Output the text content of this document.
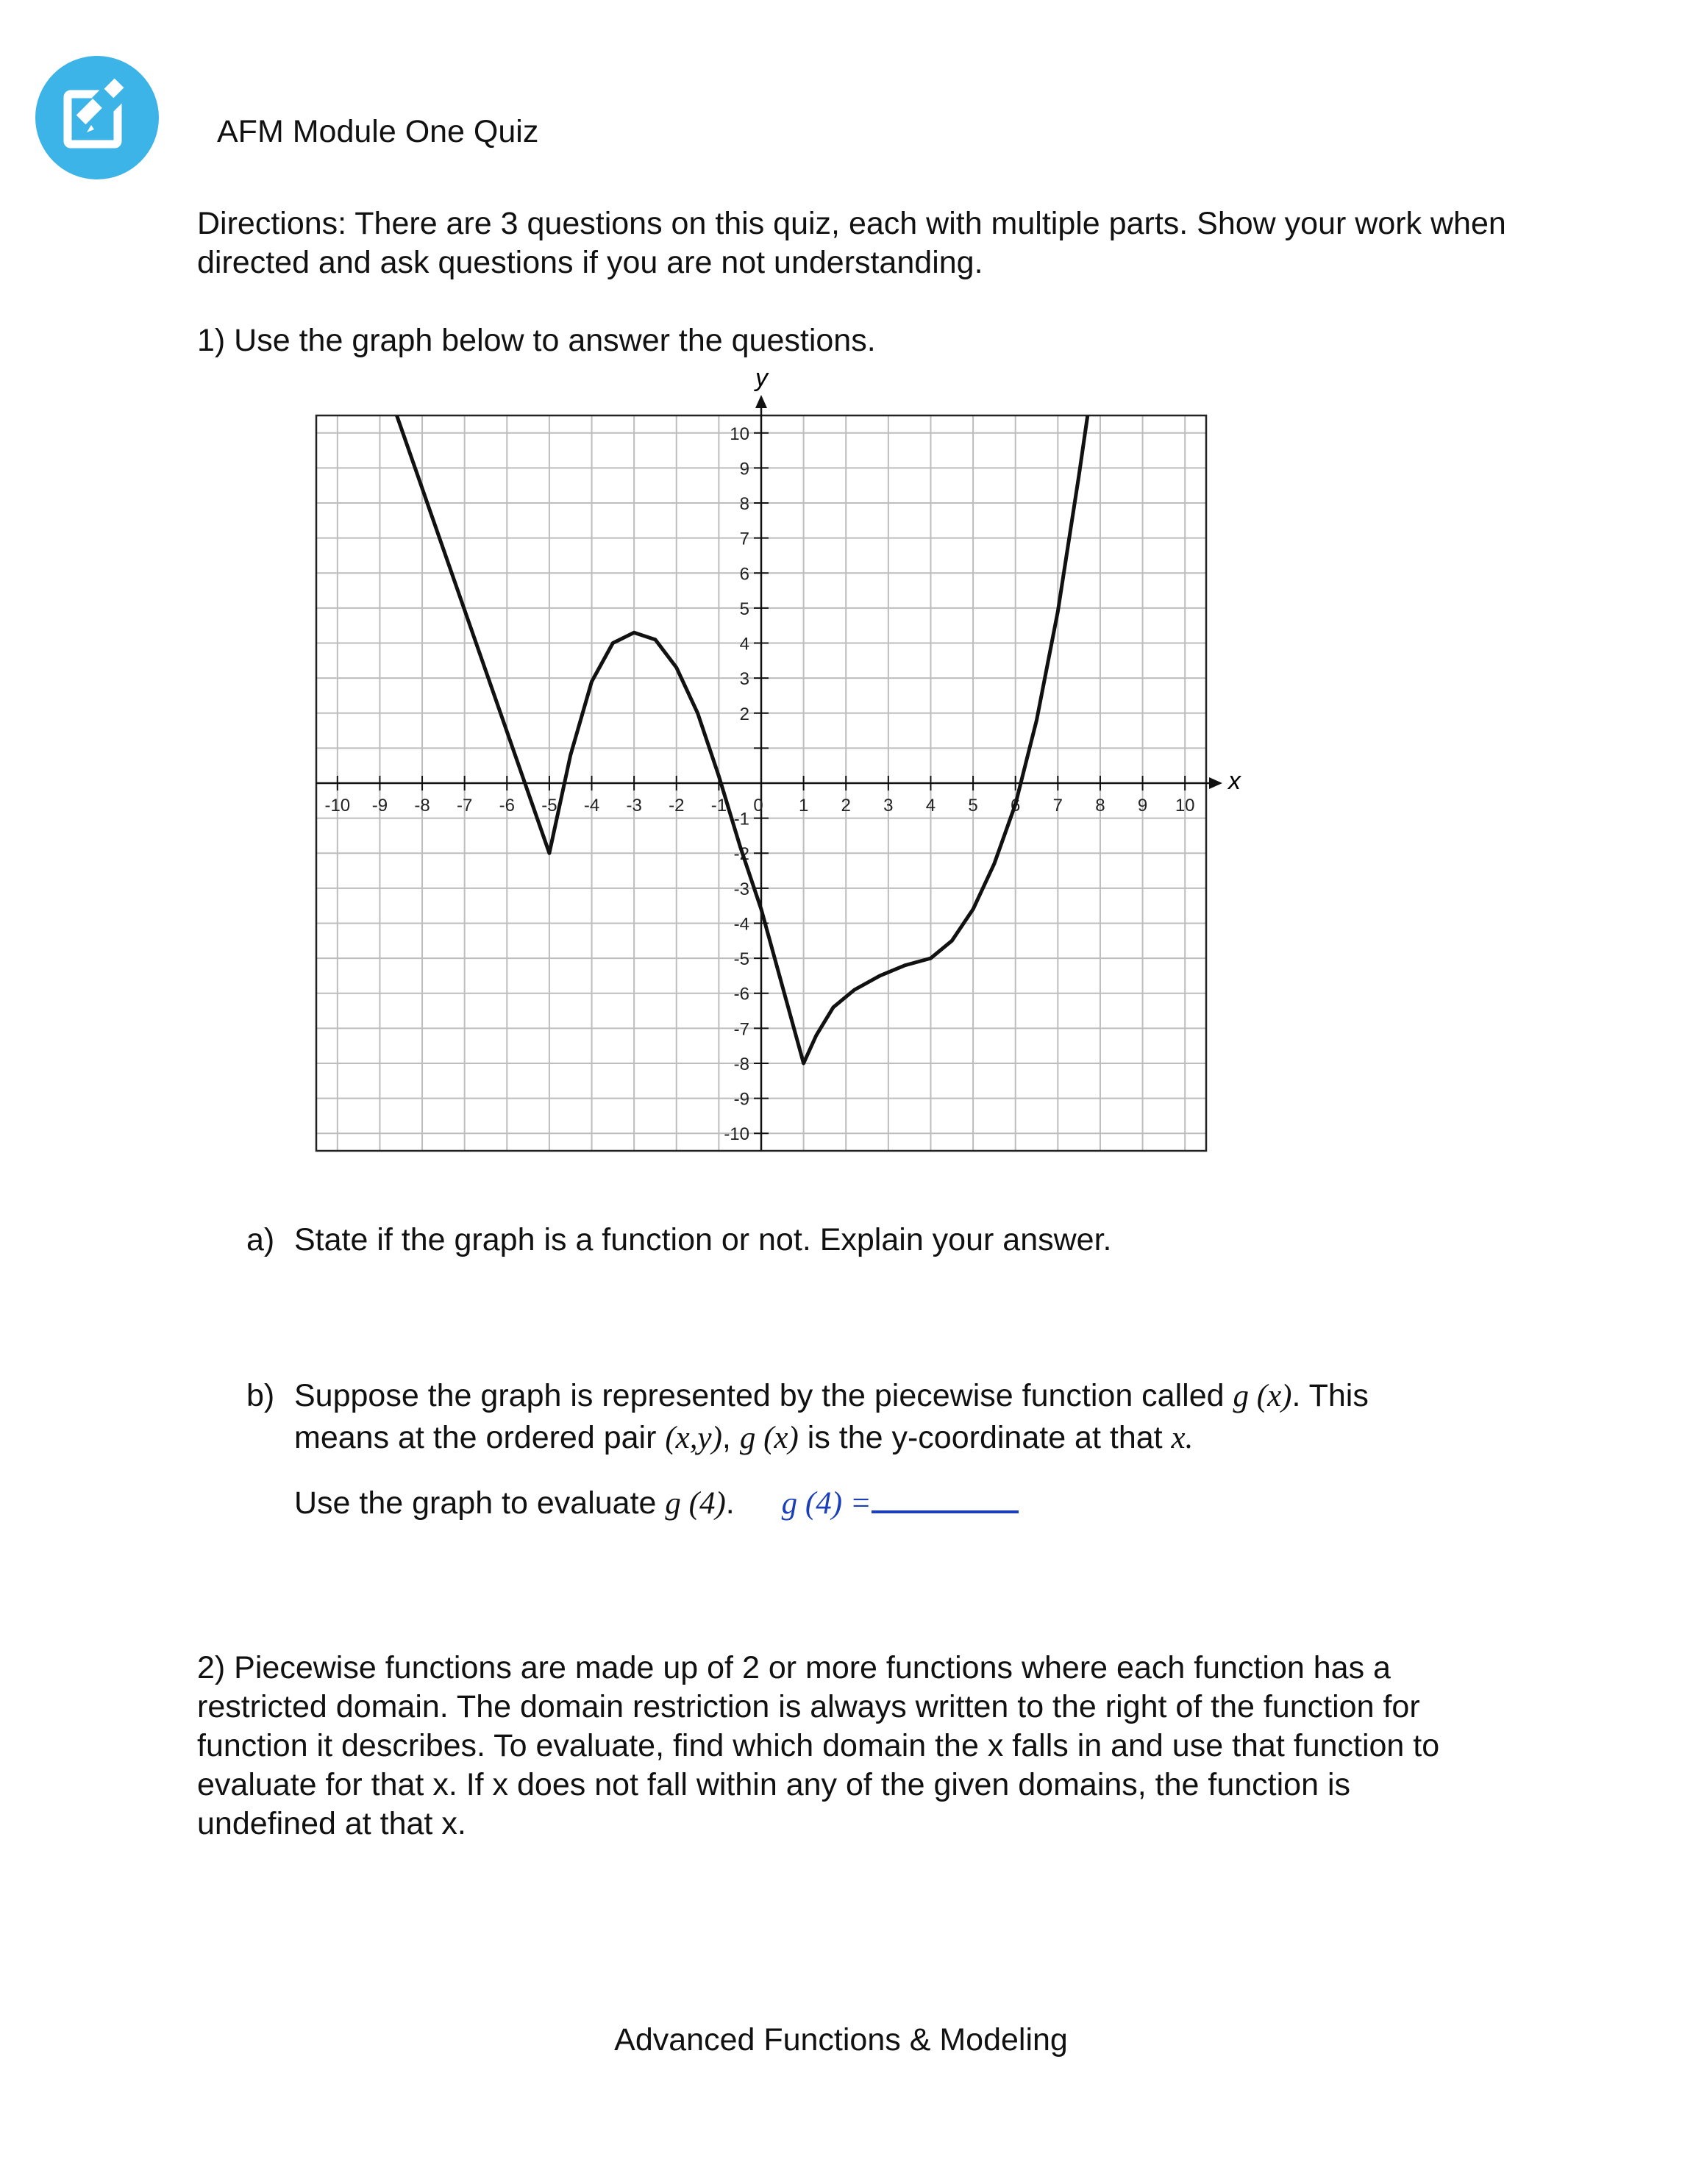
AFM Module One Quiz
Directions: There are 3 questions on this quiz, each with multiple parts. Show your work when directed and ask questions if you are not understanding.
1) Use the graph below to answer the questions.
-10 -9 -8 -7 -6 -5 -4 -3 -2 -1 0 1 2 3 4 5 6 7 8 9 10
10
9
8
7
6
5
4
3
2
-1
-2
-3
-4
-5
-6
-7
-8
-9
-10
x
y
a) State if the graph is a function or not. Explain your answer.
b) Suppose the graph is represented by the piecewise function called g (x). This
means at the ordered pair (x,y), g (x) is the y-coordinate at that x.
Use the graph to evaluate g (4). g (4) =
2) Piecewise functions are made up of 2 or more functions where each function has a restricted domain. The domain restriction is always written to the right of the function for function it describes. To evaluate, find which domain the x falls in and use that function to evaluate for that x. If x does not fall within any of the given domains, the function is undefined at that x.
Advanced Functions & Modeling
